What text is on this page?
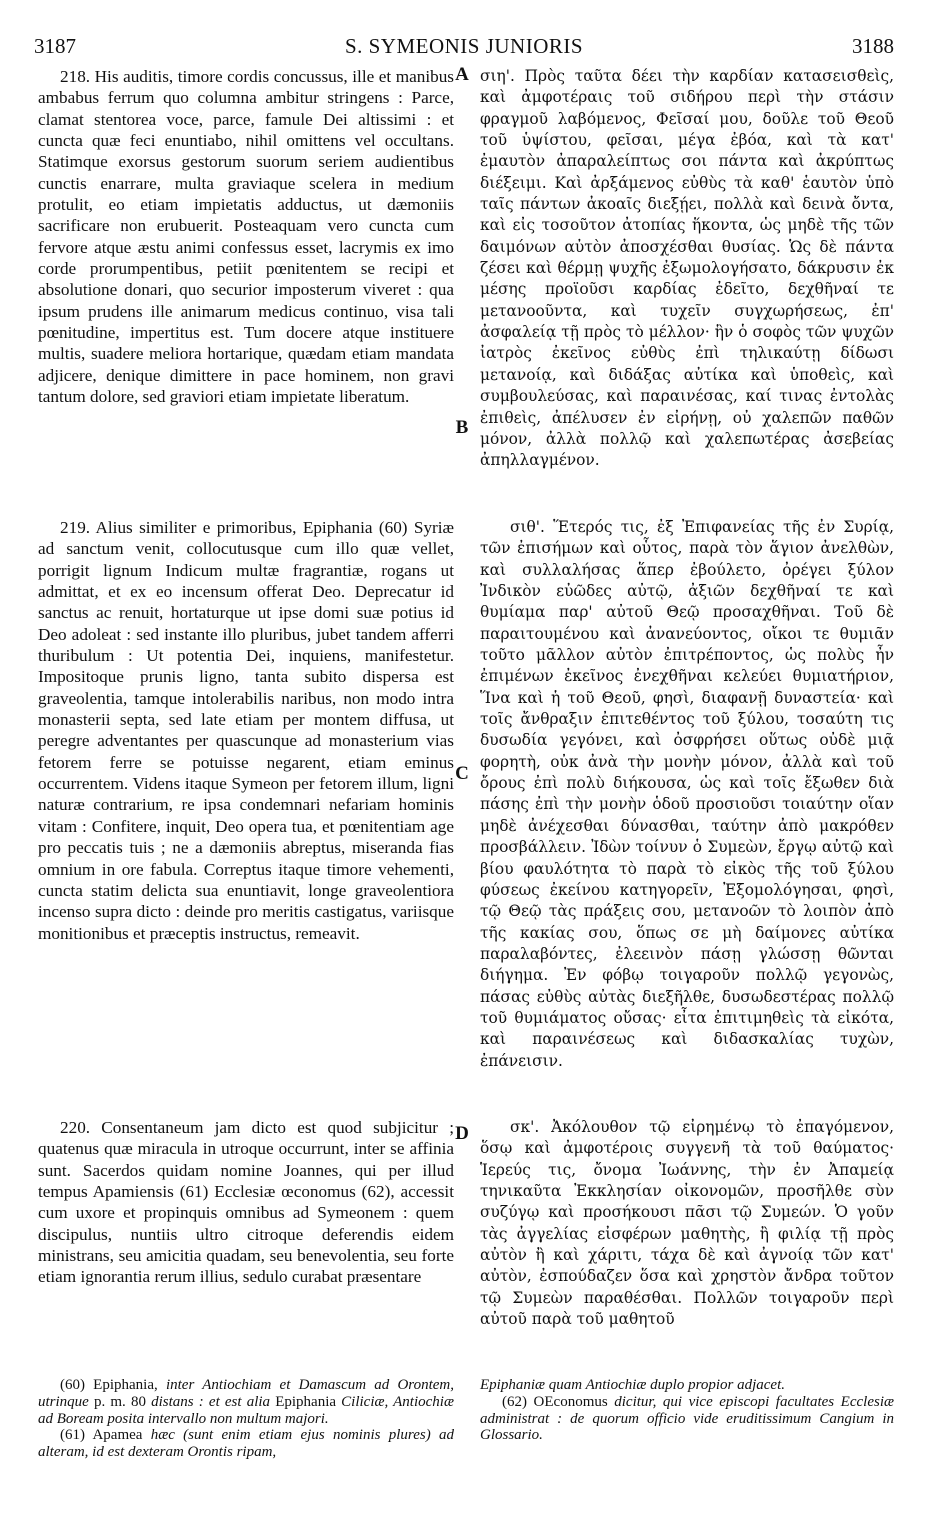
3187	S. SYMEONIS JUNIORIS	3188
A
B
C
D

218. His auditis, timore cordis concussus, ille et manibus ambabus ferrum quo columna ambitur stringens : Parce, clamat stentorea voce, parce, famule Dei altissimi : et cuncta quæ feci enuntiabo, nihil omittens vel occultans. Statimque exorsus gestorum suorum seriem audientibus cunctis enarrare, multa graviaque scelera in medium protulit, eo etiam impietatis adductus, ut dæmoniis sacrificare non erubuerit. Posteaquam vero cuncta cum fervore atque æstu animi confessus esset, lacrymis ex imo corde prorumpentibus, petiit pœnitentem se recipi et absolutione donari, quo securior imposterum viveret : qua ipsum prudens ille animarum medicus continuo, visa tali pœnitudine, impertitus est. Tum docere atque instituere multis, suadere meliora hortarique, quædam etiam mandata adjicere, denique dimittere in pace hominem, non gravi tantum dolore, sed graviori etiam impietate liberatum.

219. Alius similiter e primoribus, Epiphania (60) Syriæ ad sanctum venit, collocutusque cum illo quæ vellet, porrigit lignum Indicum multæ fragrantiæ, rogans ut admittat, et ex eo incensum offerat Deo. Deprecatur id sanctus ac renuit, hortaturque ut ipse domi suæ potius id Deo adoleat : sed instante illo pluribus, jubet tandem afferri thuribulum : Ut potentia Dei, inquiens, manifestetur. Impositoque prunis ligno, tanta subito dispersa est graveolentia, tamque intolerabilis naribus, non modo intra monasterii septa, sed late etiam per montem diffusa, ut peregre adventantes per quascunque ad monasterium vias fetorem ferre se potuisse negarent, etiam eminus occurrentem. Videns itaque Symeon per fetorem illum, ligni naturæ contrarium, re ipsa condemnari nefariam hominis vitam : Confitere, inquit, Deo opera tua, et pœnitentiam age pro peccatis tuis ; ne a dæmoniis abreptus, miseranda fias omnium in ore fabula. Correptus itaque timore vehementi, cuncta statim delicta sua enuntiavit, longe graveolentiora incenso supra dicto : deinde pro meritis castigatus, variisque monitionibus et præceptis instructus, remeavit.

220. Consentaneum jam dicto est quod subjicitur ; quatenus quæ miracula in utroque occurrunt, inter se affinia sunt. Sacerdos quidam nomine Joannes, qui per illud tempus Apamiensis (61) Ecclesiæ œconomus (62), accessit cum uxore et propinquis omnibus ad Symeonem : quem discipulus, nuntiis ultro citroque deferendis eidem ministrans, seu amicitia quadam, seu benevolentia, seu forte etiam ignorantia rerum illius, sedulo curabat præsentare

σιη'. Πρὸς ταῦτα δέει τὴν καρδίαν κατασεισθεὶς, καὶ ἀμφοτέραις τοῦ σιδήρου περὶ τὴν στάσιν φραγμοῦ λαβόμενος, Φεῖσαί μου, δοῦλε τοῦ Θεοῦ τοῦ ὑψίστου, φεῖσαι, μέγα ἐβόα, καὶ τὰ κατ' ἐμαυτὸν ἀπαραλείπτως σοι πάντα καὶ ἀκρύπτως διέξειμι. Καὶ ἀρξάμενος εὐθὺς τὰ καθ' ἑαυτὸν ὑπὸ ταῖς πάντων ἀκοαῖς διεξῄει, πολλὰ καὶ δεινὰ ὄντα, καὶ εἰς τοσοῦτον ἀτοπίας ἥκοντα, ὡς μηδὲ τῆς τῶν δαιμόνων αὐτὸν ἀποσχέσθαι θυσίας. Ὡς δὲ πάντα ζέσει καὶ θέρμῃ ψυχῆς ἐξωμολογήσατο, δάκρυσιν ἐκ μέσης προϊοῦσι καρδίας ἐδεῖτο, δεχθῆναί τε μετανοοῦντα, καὶ τυχεῖν συγχωρήσεως, ἐπ' ἀσφαλείᾳ τῇ πρὸς τὸ μέλλον· ἣν ὁ σοφὸς τῶν ψυχῶν ἰατρὸς ἐκεῖνος εὐθὺς ἐπὶ τηλικαύτῃ δίδωσι μετανοίᾳ, καὶ διδάξας αὐτίκα καὶ ὑποθεὶς, καὶ συμβουλεύσας, καὶ παραινέσας, καί τινας ἐντολὰς ἐπιθεὶς, ἀπέλυσεν ἐν εἰρήνῃ, οὐ χαλεπῶν παθῶν μόνον, ἀλλὰ πολλῷ καὶ χαλεπωτέρας ἀσεβείας ἀπηλλαγμένον.

σιθ'. Ἕτερός τις, ἐξ Ἐπιφανείας τῆς ἐν Συρίᾳ, τῶν ἐπισήμων καὶ οὗτος, παρὰ τὸν ἅγιον ἀνελθὼν, καὶ συλλαλήσας ἅπερ ἐβούλετο, ὀρέγει ξύλον Ἰνδικὸν εὐῶδες αὐτῷ, ἀξιῶν δεχθῆναί τε καὶ θυμίαμα παρ' αὐτοῦ Θεῷ προσαχθῆναι. Τοῦ δὲ παραιτουμένου καὶ ἀνανεύοντος, οἴκοι τε θυμιᾶν τοῦτο μᾶλλον αὐτὸν ἐπιτρέποντος, ὡς πολὺς ἦν ἐπιμένων ἐκεῖνος ἐνεχθῆναι κελεύει θυμιατήριον, Ἵνα καὶ ἡ τοῦ Θεοῦ, φησὶ, διαφανῇ δυναστεία· καὶ τοῖς ἄνθραξιν ἐπιτεθέντος τοῦ ξύλου, τοσαύτη τις δυσωδία γεγόνει, καὶ ὀσφρήσει οὕτως οὐδὲ μιᾷ φορητὴ, οὐκ ἀνὰ τὴν μονὴν μόνον, ἀλλὰ καὶ τοῦ ὄρους ἐπὶ πολὺ διήκουσα, ὡς καὶ τοῖς ἔξωθεν διὰ πάσης ἐπὶ τὴν μονὴν ὁδοῦ προσιοῦσι τοιαύτην οἵαν μηδὲ ἀνέχεσθαι δύνασθαι, ταύτην ἀπὸ μακρόθεν προσβάλλειν. Ἰδὼν τοίνυν ὁ Συμεὼν, ἔργῳ αὐτῷ καὶ βίου φαυλότητα τὸ παρὰ τὸ εἰκὸς τῆς τοῦ ξύλου φύσεως ἐκείνου κατηγορεῖν, Ἐξομολόγησαι, φησὶ, τῷ Θεῷ τὰς πράξεις σου, μετανοῶν τὸ λοιπὸν ἀπὸ τῆς κακίας σου, ὅπως σε μὴ δαίμονες αὐτίκα παραλαβόντες, ἐλεεινὸν πάσῃ γλώσσῃ θῶνται διήγημα. Ἐν φόβῳ τοιγαροῦν πολλῷ γεγονὼς, πάσας εὐθὺς αὐτὰς διεξῆλθε, δυσωδεστέρας πολλῷ τοῦ θυμιάματος οὔσας· εἶτα ἐπιτιμηθεὶς τὰ εἰκότα, καὶ παραινέσεως καὶ διδασκαλίας τυχὼν, ἐπάνεισιν.

σκ'. Ἀκόλουθον τῷ εἰρημένῳ τὸ ἐπαγόμενον, ὅσῳ καὶ ἀμφοτέροις συγγενῆ τὰ τοῦ θαύματος· Ἱερεύς τις, ὄνομα Ἰωάννης, τὴν ἐν Ἀπαμείᾳ τηνικαῦτα Ἐκκλησίαν οἰκονομῶν, προσῆλθε σὺν συζύγῳ καὶ προσήκουσι πᾶσι τῷ Συμεών. Ὁ γοῦν τὰς ἀγγελίας εἰσφέρων μαθητὴς, ἢ φιλίᾳ τῇ πρὸς αὐτὸν ἢ καὶ χάριτι, τάχα δὲ καὶ ἀγνοίᾳ τῶν κατ' αὐτὸν, ἐσπούδαζεν ὅσα καὶ χρηστὸν ἄνδρα τοῦτον τῷ Συμεὼν παραθέσθαι. Πολλῶν τοιγαροῦν περὶ αὐτοῦ παρὰ τοῦ μαθητοῦ

(60) Epiphania, inter Antiochiam et Damascum ad Orontem, utrinque p. m. 80 distans : et est alia Epiphania Ciliciæ, Antiochiæ ad Boream posita intervallo non multum majori.

(61) Apamea hæc (sunt enim etiam ejus nominis plures) ad alteram, id est dexteram Orontis ripam,

Epiphaniæ quam Antiochiæ duplo propior adjacet.

(62) OEconomus dicitur, qui vice episcopi facultates Ecclesiæ administrat : de quorum officio vide eruditissimum Cangium in Glossario.
